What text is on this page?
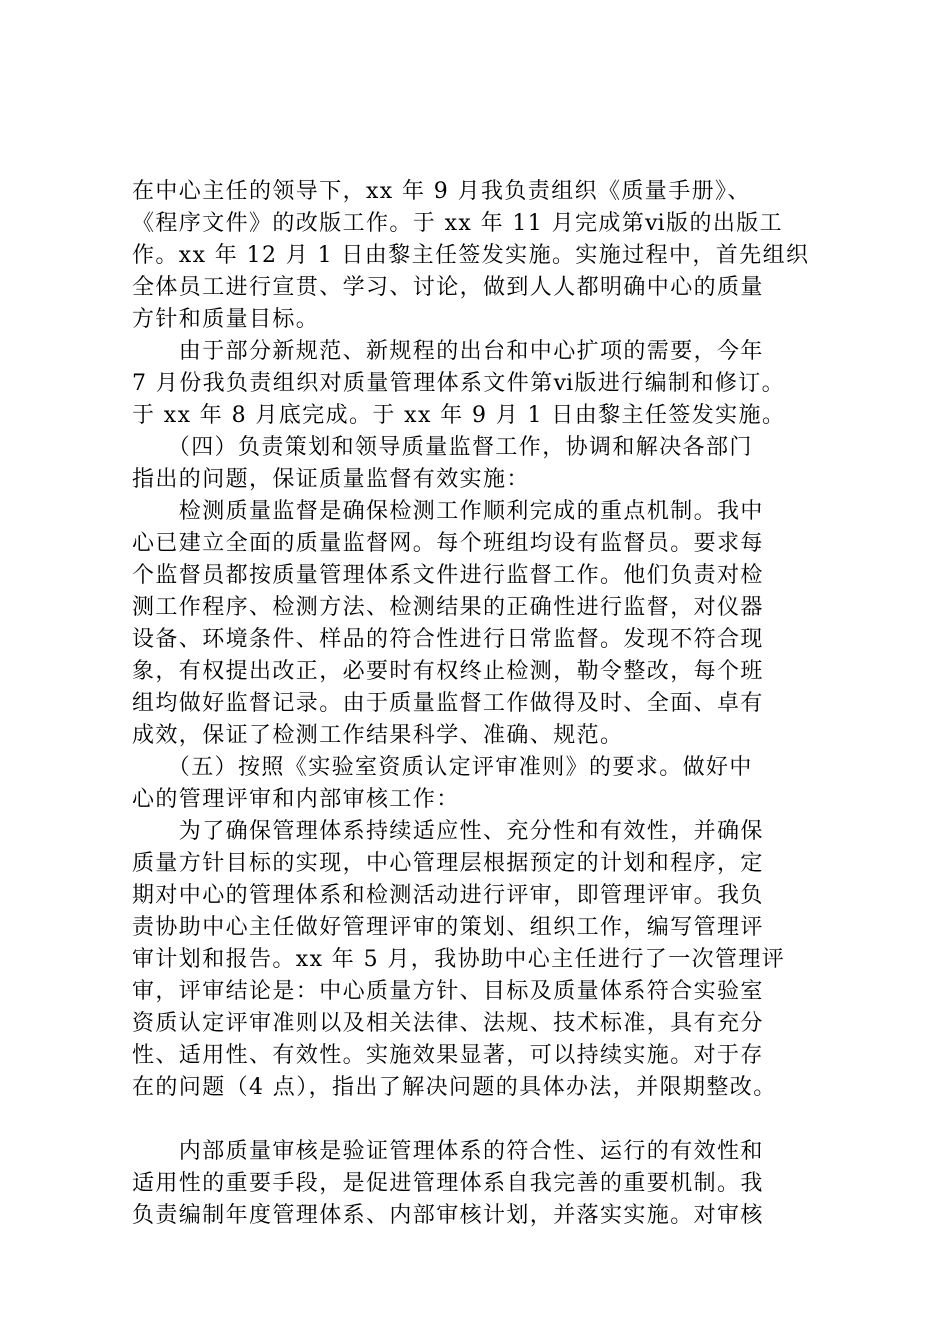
在中心主任的领导下，xx 年 9 月我负责组织《质量手册》、
《程序文件》的改版工作。于 xx 年 11 月完成第ⅵ版的出版工
作。xx 年 12 月 1 日由黎主任签发实施。实施过程中，首先组织
全体员工进行宣贯、学习、讨论，做到人人都明确中心的质量
方针和质量目标。
　　由于部分新规范、新规程的出台和中心扩项的需要，今年
7 月份我负责组织对质量管理体系文件第ⅵ版进行编制和修订。
于 xx 年 8 月底完成。于 xx 年 9 月 1 日由黎主任签发实施。
　　（四）负责策划和领导质量监督工作，协调和解决各部门
指出的问题，保证质量监督有效实施：
　　检测质量监督是确保检测工作顺利完成的重点机制。我中
心已建立全面的质量监督网。每个班组均设有监督员。要求每
个监督员都按质量管理体系文件进行监督工作。他们负责对检
测工作程序、检测方法、检测结果的正确性进行监督，对仪器
设备、环境条件、样品的符合性进行日常监督。发现不符合现
象，有权提出改正，必要时有权终止检测，勒令整改，每个班
组均做好监督记录。由于质量监督工作做得及时、全面、卓有
成效，保证了检测工作结果科学、准确、规范。
　　（五）按照《实验室资质认定评审准则》的要求。做好中
心的管理评审和内部审核工作：
　　为了确保管理体系持续适应性、充分性和有效性，并确保
质量方针目标的实现，中心管理层根据预定的计划和程序，定
期对中心的管理体系和检测活动进行评审，即管理评审。我负
责协助中心主任做好管理评审的策划、组织工作，编写管理评
审计划和报告。xx 年 5 月，我协助中心主任进行了一次管理评
审，评审结论是：中心质量方针、目标及质量体系符合实验室
资质认定评审准则以及相关法律、法规、技术标准，具有充分
性、适用性、有效性。实施效果显著，可以持续实施。对于存
在的问题（4 点），指出了解决问题的具体办法，并限期整改。
　　内部质量审核是验证管理体系的符合性、运行的有效性和
适用性的重要手段，是促进管理体系自我完善的重要机制。我
负责编制年度管理体系、内部审核计划，并落实实施。对审核
